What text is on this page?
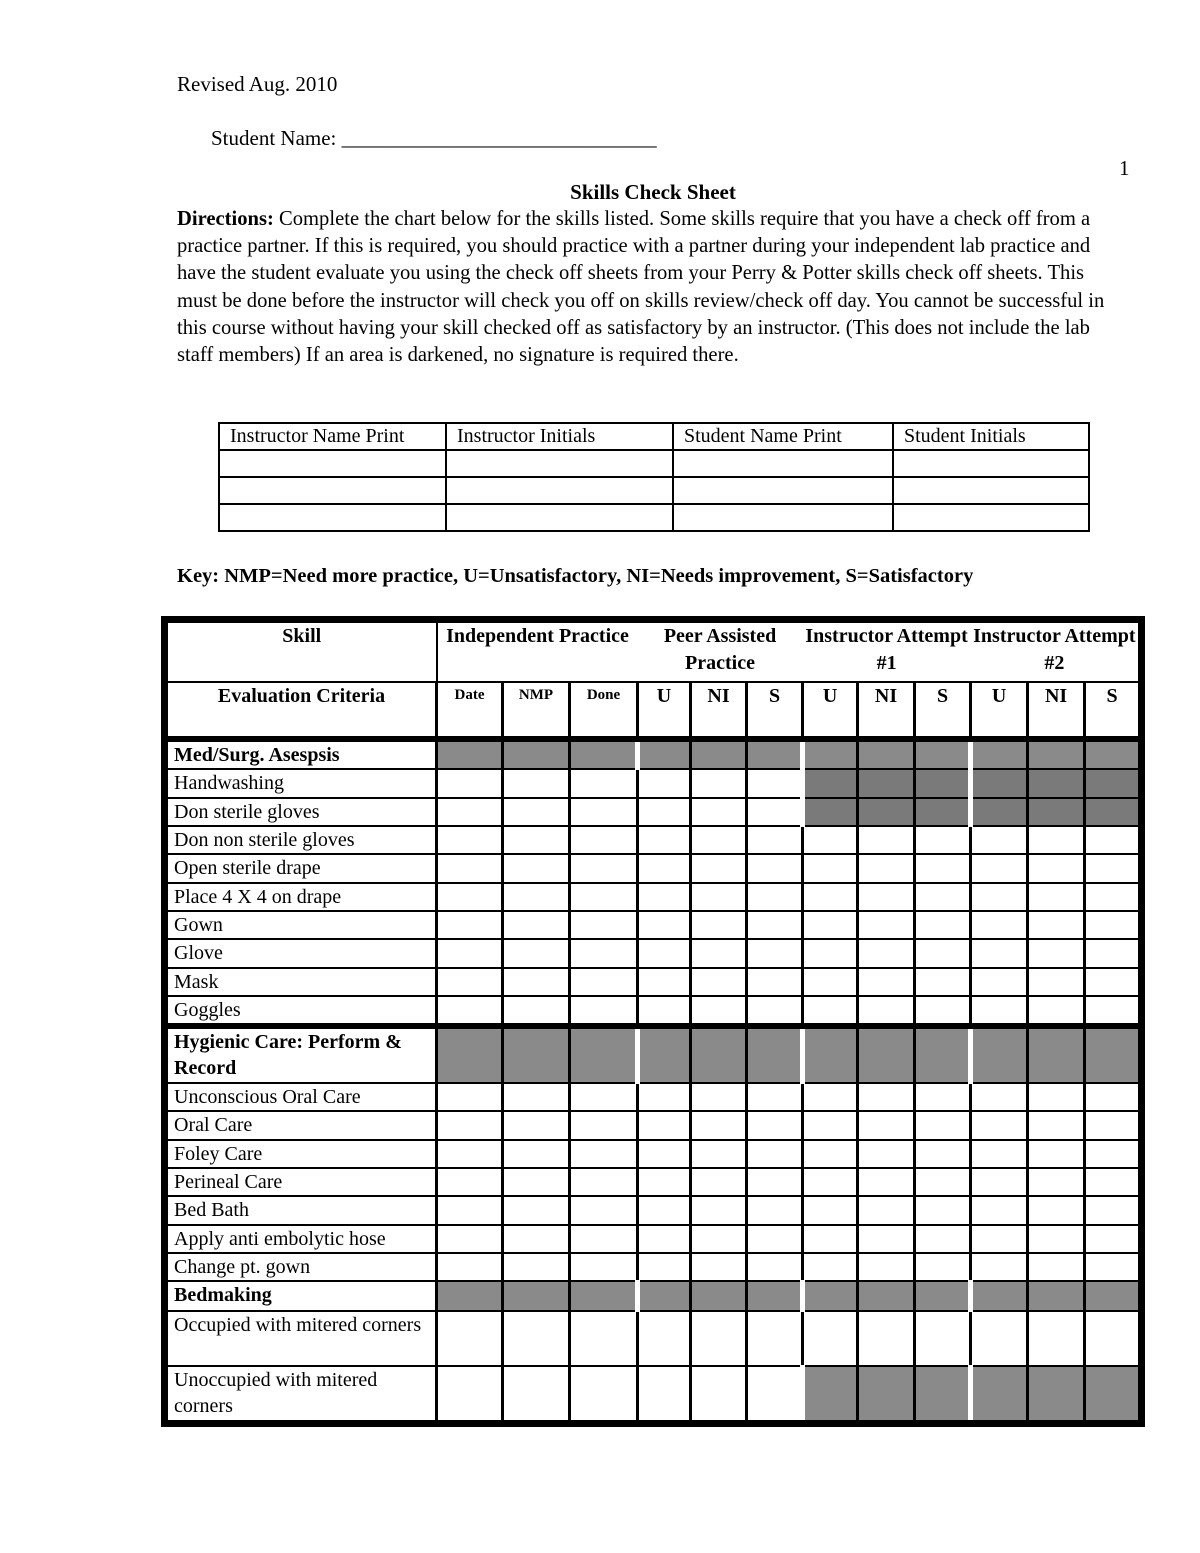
Revised Aug. 2010
Student Name: ______________________________
1
Skills Check Sheet
Directions: Complete the chart below for the skills listed. Some skills require that you have a check off from a practice partner. If this is required, you should practice with a partner during your independent lab practice and have the student evaluate you using the check off sheets from your Perry & Potter skills check off sheets. This must be done before the instructor will check you off on skills review/check off day. You cannot be successful in this course without having your skill checked off as satisfactory by an instructor. (This does not include the lab staff members) If an area is darkened, no signature is required there.
Instructor Name Print	Instructor Initials	Student Name Print	Student Initials

Key: NMP=Need more practice, U=Unsatisfactory, NI=Needs improvement, S=Satisfactory
Skill	Independent Practice			Peer Assisted Practice			Instructor Attempt #1			Instructor Attempt #2		
Evaluation Criteria	Date	NMP	Done	U	NI	S	U	NI	S	U	NI	S
Med/Surg. Asespsis												
Handwashing												
Don sterile gloves												
Don non sterile gloves												
Open sterile drape												
Place 4 X 4 on drape												
Gown												
Glove												
Mask												
Goggles												
Hygienic Care: Perform & Record												
Unconscious Oral Care												
Oral Care												
Foley Care												
Perineal Care												
Bed Bath												
Apply anti embolytic hose												
Change pt. gown												
Bedmaking												
Occupied with mitered corners												
Unoccupied with mitered corners												
